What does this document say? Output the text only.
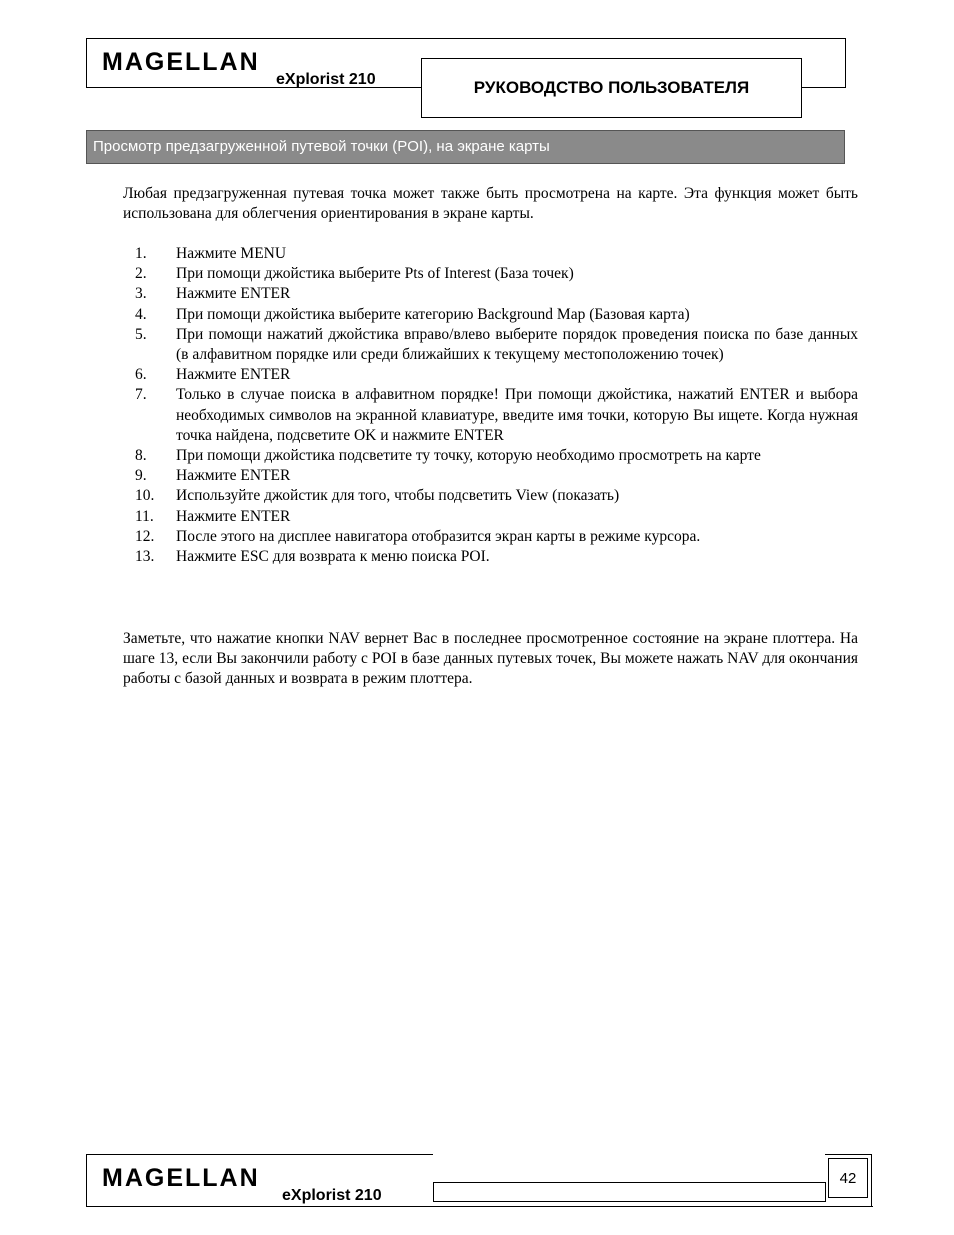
MAGELLAN
eXplorist 210	РУКОВОДСТВО ПОЛЬЗОВАТЕЛЯ
Просмотр предзагруженной путевой точки (POI), на экране карты
Любая предзагруженная путевая точка может также быть просмотрена на карте. Эта функция может быть использована для облегчения ориентирования в экране карты.
1.	Нажмите MENU
2.	При помощи джойстика выберите Pts of Interest (База точек)
3.	Нажмите ENTER
4.	При помощи джойстика выберите категорию Background Map (Базовая карта)
5.	При помощи нажатий джойстика вправо/влево выберите порядок проведения поиска по базе данных (в алфавитном порядке или среди ближайших к текущему местоположению точек)
6.	Нажмите ENTER
7.	Только в случае поиска в алфавитном порядке! При помощи джойстика, нажатий ENTER и выбора необходимых символов на экранной клавиатуре, введите имя точки, которую Вы ищете. Когда нужная точка найдена, подсветите OK и нажмите ENTER
8.	При помощи джойстика подсветите ту точку, которую необходимо просмотреть на карте
9.	Нажмите ENTER
10.	Используйте джойстик для того, чтобы подсветить View (показать)
11.	Нажмите ENTER
12.	После этого на дисплее навигатора отобразится экран карты в режиме курсора.
13.	Нажмите ESC для возврата к меню поиска POI.
Заметьте, что нажатие кнопки NAV вернет Вас в последнее просмотренное состояние на экране плоттера. На шаге 13, если Вы закончили работу с POI в базе данных путевых точек, Вы можете нажать NAV для окончания работы с базой данных и возврата в режим плоттера.
MAGELLAN
eXplorist 210
42
